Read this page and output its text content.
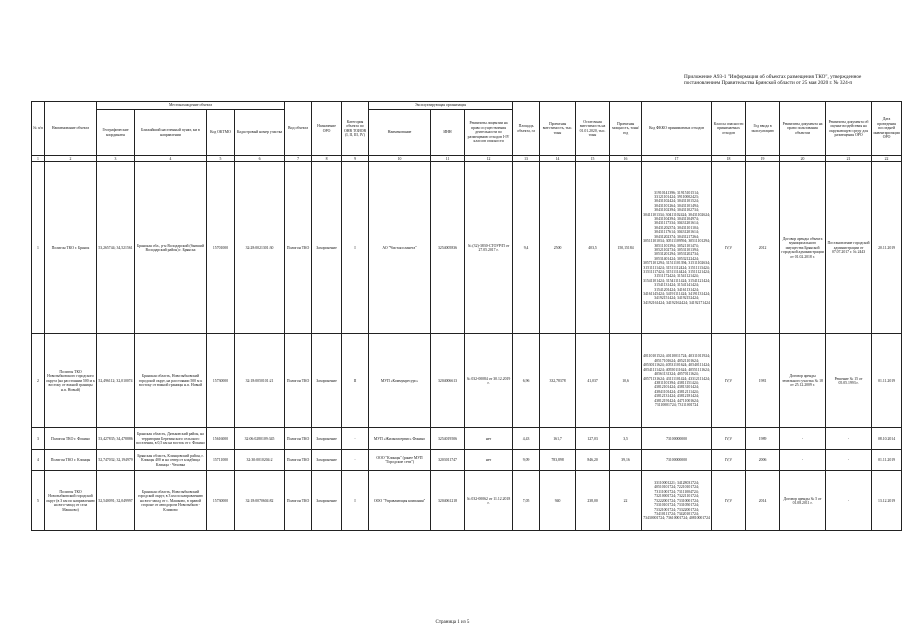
Приложение А93-1 "Информация об объектах размещения ТКО", утвержденное постановлением Правительства Брянской области от 25 мая 2020 г. № 324-п
№ п/п	Наименование объекта	Местонахождение объекта				Вид объекта	Назначение ОРО	Категория объекта по ОНВ ТОИОВ (I, II, III, IV)	Эксплуатирующая организация			Площадь объекта, га	Проектная вместимость, тыс. тонн	Остаточная вместимость на 01.01.2020, тыс. тонн	Проектная мощность, тонн/год	Код ФККО принимаемых отходов	Классы опасности принимаемых отходов	Год ввода в эксплуатацию	Реквизиты документа на право пользования объектом	Реквизиты документа об оценке воздействия на окружающую среду для размещения ОРО	Дата проведения последней инвентаризации ОРО
		Географические координаты	Ближайший населенный пункт, км в направлении	Код ОКТМО	Кадастровый номер участка				Наименование	ИНН	Реквизиты лицензии на право осуществления деятельности по размещению отходов I-IV классов опасности										
1	2	3	4	5	6	7	8	9	10	11	12	13	14	15	16	17	18	19	20	21	22
1	Полигон ТКО г. Брянск	53,265744; 34,521561	Брянская обл., р-н Володарский (бывший Володарский район) г. Брянска	15701000	32:28:0021301:30	Полигон ТКО	Захоронение	I	АО "Чистая планета"	3254005836	№ (32)-3830-СТОУР/П от 27.05.2017 г.	9,4	2500	403,5	150,15184	31910141396; 31915101514; 33121101424; 39110002423; 30431102424; 30431101524; 30431101264; 30431101494; 30431102394; 30431102734; 30411101334; 30411102424; 30431102624; 30431104394; 30431104974; 30431117334; 30431201614; 30431202374; 30431101104; 30431117614; 30431201614; 30431202374; 30431217264; 30511101034; 30511109594; 30511101294; 30511101394; 30521101474; 30521102734; 30531101394; 30531201294; 30531202734; 30531401424; 30532122424; 30571101294; 31511101394; 31511102634; 31511111424; 31511112424; 31511113424; 31511117424; 31511114424; 31511121424; 31511172424; 31541121424; 31541101424; 31541111424; 31541121424; 31541131424; 31541141424; 31541201424; 34161131424; 34161145424; 34191111424; 34191131424; 34192151424; 34192152424; 34192161424; 34192162424; 34192171424	IV,V	2012	Договор аренды объекта муниципального имущества Брянской городской администрации от 01.02.2018 г.	Постановление городской администрации от 07.07.2017 г. № 2443	20.11.2019
2	Полигон ТКО Новозыбковского городского округа (на расстоянии 500 м к востоку от южной границы н.п. Новый)	52,496112; 32,010074	Брянская область, Новозыбковский городской округ, на расстоянии 500 м к востоку от южной границы н.п. Новый	15730000	32:18:0050101:21	Полигон ТКО	Захоронение	II	МУП «Коммунресурс»	3204006613	№ 032-00084 от 30.12.2019 г.	6,96	332,78378	41,037	10,6	40110101524; 40110011724; 40311011924; 40517101624; 40521101624; 40530111624; 40531101624; 40540111424; 40541111424; 40550111624; 40551111624; 40561131324; 40570111624; 40571131624; 43111101424; 43312111424; 43811101394; 43811151424; 43812101424; 43813101424; 43841101424; 43812111424; 43812131424; 43812181424; 43812191424; 44711001624; 73110001724; 73111001724	IV,V	1981	Договор аренды земельного участка № 18 от 25.12.2009 г.	Решение № 15 от 05.05.1993 г.	01.11.2019
3	Полигон ТКО г. Фокино	53,427835; 34,478886	Брянская область, Дятьковский район, на территории Березинского сельского поселения, в 0,5 км на восток от г. Фокино	15616000	32:06:0280109:345	Полигон ТКО	Захоронение	-	МУП «Жилкомсервис» Фокино	3254019506	нет	4,43	161,7	127,03	3,5	73100000000	IV,V	1989	-	-	08.10.2014
4	Полигон ТКО г. Клинцы	52,747032; 32,194979	Брянская область, Клинцовский район, г. Клинцы 400 м на север от кладбища Клинцы - Чеховка	15711000	32:30:0010204:2	Полигон ТКО	Захоронение	-	ООО "Клинцы" (ранее МУП "Городские сети")	3203011747	нет	9,09	783,898	846,20	39,16	73100000000	IV,V	2006	-	-	01.11.2019
5	Полигон ТКО Новозыбковский городской округ (в 3 км по направлению на юго-запад от села Машково)	52,540091; 32,049997	Брянская область, Новозыбковский городской округ, в 3 км по направлению на юго-запад от с. Машково, в правой стороне от автодороги Новозыбков - Климово	15730000	32:18:0070604:82	Полигон ТКО	Захоронение	I	ООО "Управляющая компания"	3204061218	№ 032-00062 от 11.12.2018 г.	7,05	940	238,00	22	33110001221; 34128031724; 40510101724; 72210101724; 73111001724; 73111004724; 73210001724; 73221101724; 73222001724; 73310001724; 73310101724; 73310501724; 73321001724; 73322001724; 73410111724; 73420101724; 73430001724; 73610001724; 40810001724	IV,V	2014	Договор аренды № 5 от 01.08.2011 г.	-	13.12.2019
Страница 1 из 5
